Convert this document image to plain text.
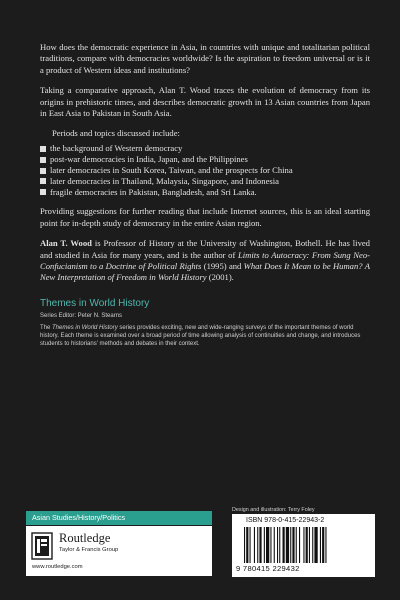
How does the democratic experience in Asia, in countries with unique and totalitarian political traditions, compare with democracies worldwide? Is the aspiration to freedom universal or is it a product of Western ideas and institutions?

Taking a comparative approach, Alan T. Wood traces the evolution of democracy from its origins in prehistoric times, and describes democratic growth in 13 Asian countries from Japan in East Asia to Pakistan in South Asia.

Periods and topics discussed include:

the background of Western democracy
post-war democracies in India, Japan, and the Philippines
later democracies in South Korea, Taiwan, and the prospects for China
later democracies in Thailand, Malaysia, Singapore, and Indonesia
fragile democracies in Pakistan, Bangladesh, and Sri Lanka.

Providing suggestions for further reading that include Internet sources, this is an ideal starting point for in-depth study of democracy in the entire Asian region.

Alan T. Wood is Professor of History at the University of Washington, Bothell. He has lived and studied in Asia for many years, and is the author of Limits to Autocracy: From Sung Neo-Confucianism to a Doctrine of Political Rights (1995) and What Does It Mean to be Human? A New Interpretation of Freedom in World History (2001).

Themes in World History
Series Editor: Peter N. Stearns

The Themes in World History series provides exciting, new and wide-ranging surveys of the important themes of world history. Each theme is examined over a broad period of time allowing analysis of continuities and change, and introduces students to historians' methods and debates in their context.

Asian Studies/History/Politics
Routledge
Taylor & Francis Group
www.routledge.com
Design and illustration: Terry Foley
ISBN 978-0-415-22943-2
9 780415 229432
